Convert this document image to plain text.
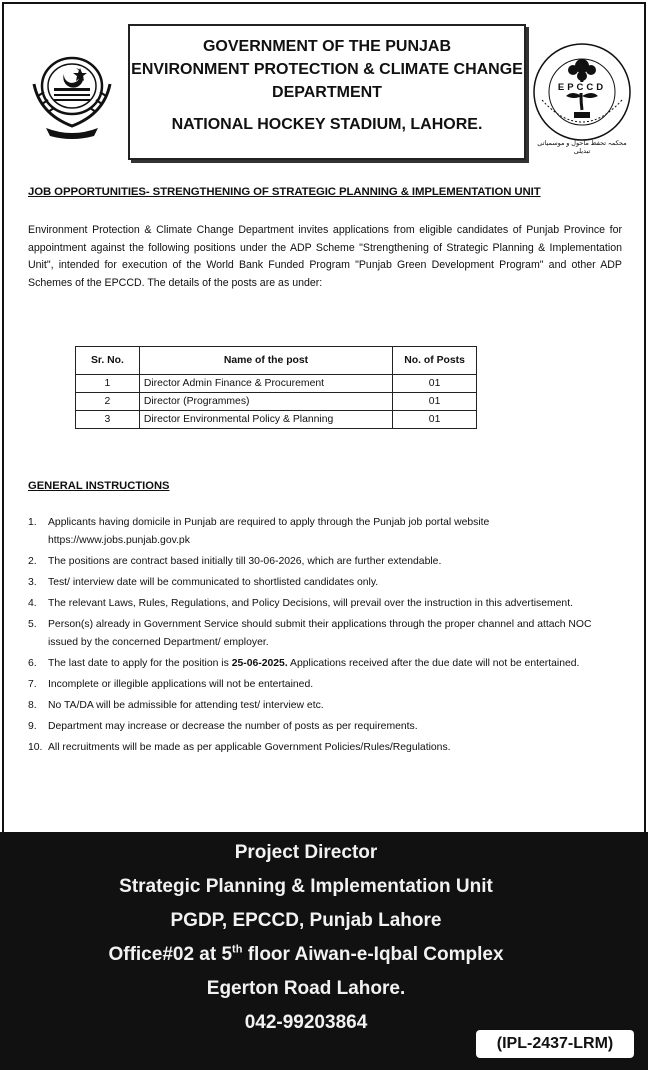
EPCCD
محکمہ تحفظ ماحول و موسمیاتی تبدیلی
GOVERNMENT OF THE PUNJAB
ENVIRONMENT PROTECTION & CLIMATE CHANGE
DEPARTMENT
NATIONAL HOCKEY STADIUM, LAHORE.
JOB OPPORTUNITIES- STRENGTHENING OF STRATEGIC PLANNING & IMPLEMENTATION UNIT

Environment Protection & Climate Change Department invites applications from eligible candidates of Punjab Province for appointment against the following positions under the ADP Scheme "Strengthening of Strategic Planning & Implementation Unit", intended for execution of the World Bank Funded Program "Punjab Green Development Program" and other ADP Schemes of the EPCCD. The details of the posts are as under:

Sr. No.	Name of the post	No. of Posts
1	Director Admin Finance & Procurement	01
2	Director (Programmes)	01
3	Director Environmental Policy & Planning	01
GENERAL INSTRUCTIONS
1. Applicants having domicile in Punjab are required to apply through the Punjab job portal website
https://www.jobs.punjab.gov.pk
2. The positions are contract based initially till 30-06-2026, which are further extendable.
3. Test/ interview date will be communicated to shortlisted candidates only.
4. The relevant Laws, Rules, Regulations, and Policy Decisions, will prevail over the instruction in this advertisement.
5. Person(s) already in Government Service should submit their applications through the proper channel and attach NOC issued by the concerned Department/ employer.
6. The last date to apply for the position is 25-06-2025. Applications received after the due date will not be entertained.
7. Incomplete or illegible applications will not be entertained.
8. No TA/DA will be admissible for attending test/ interview etc.
9. Department may increase or decrease the number of posts as per requirements.
10. All recruitments will be made as per applicable Government Policies/Rules/Regulations.
Project Director
Strategic Planning & Implementation Unit
PGDP, EPCCD, Punjab Lahore
Office#02 at 5th floor Aiwan-e-Iqbal Complex
Egerton Road Lahore.
042-99203864
(IPL-2437-LRM)
